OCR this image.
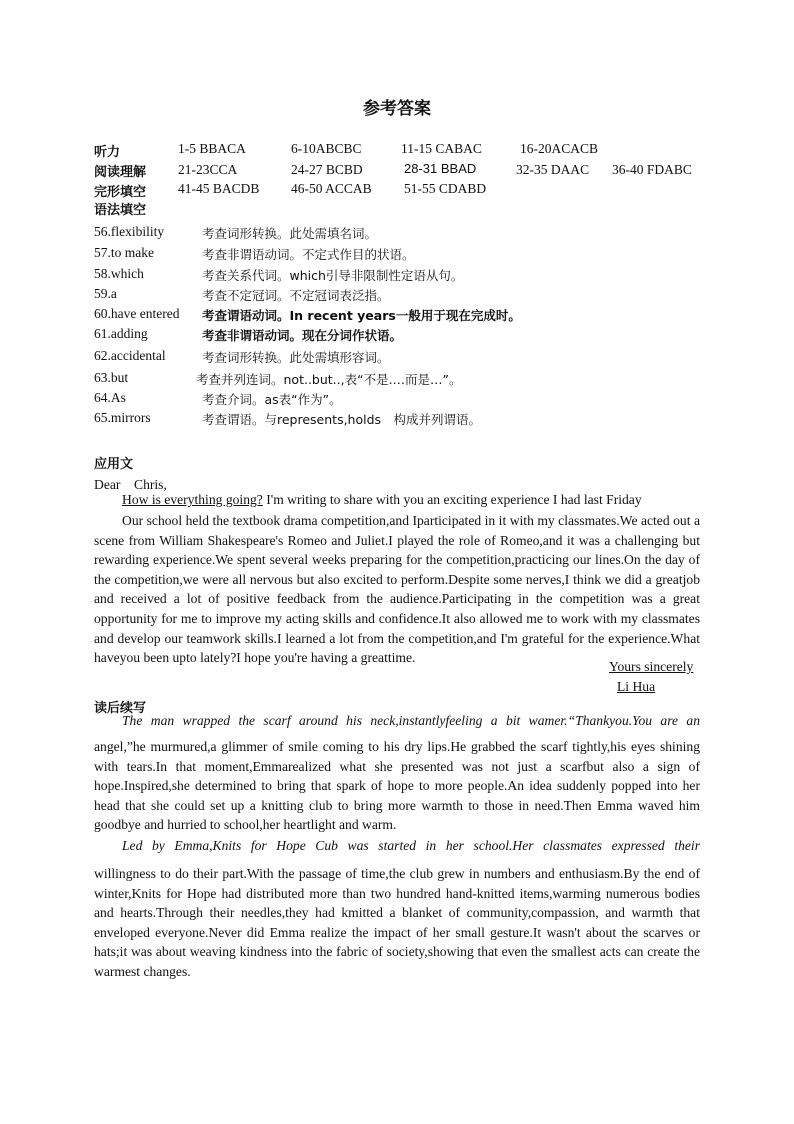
参考答案
听力	1-5 BBACA	6-10ABCBC	11-15 CABAC	16-20ACACB
阅读理解 21-23CCA	24-27 BCBD	28-31 BBAD	32-35 DAAC 36-40 FDABC
完形填空 41-45 BACDB 46-50 ACCAB 51-55 CDABD
语法填空
56.flexibility	考查词形转换。此处需填名词。
57.to make	考查非谓语动词。不定式作目的状语。
58.which	考查关系代词。which引导非限制性定语从句。
59.a	考查不定冠词。不定冠词表泛指。
60.have entered 考查谓语动词。In recent years一般用于现在完成时。
61.adding	考查非谓语动词。现在分词作状语。
62.accidental	考查词形转换。此处需填形容词。
63.but	考查并列连词。not..but..,表“不是.…而是…”。
64.As	考查介词。as表“作为”。
65.mirrors	考查谓语。与represents,holds　构成并列谓语。
应用文
Dear　Chris,
How is everything going? I'm writing to share with you an exciting experience I had last Friday

Our school held the textbook drama competition,and Iparticipated in it with my classmates.We acted out a scene from William Shakespeare's Romeo and Juliet.I played the role of Romeo,and it was a challenging but rewarding experience.We spent several weeks preparing for the competition,practicing our lines.On the day of the competition,we were all nervous but also excited to perform.Despite some nerves,I think we did a greatjob and received a lot of positive feedback from the audience.Participating in the competition was a great opportunity for me to improve my acting skills and confidence.It also allowed me to work with my classmates and develop our teamwork skills.I learned a lot from the competition,and I'm grateful for the experience.What haveyou been upto lately?I hope you're having a greattime.

Yours sincerely
Li Hua
读后续写
The man wrapped the scarf around his neck,instantlyfeeling a bit wamer.“Thankyou.You are an

angel,”he murmured,a glimmer of smile coming to his dry lips.He grabbed the scarf tightly,his eyes shining with tears.In that moment,Emmarealized what she presented was not just a scarfbut also a sign of hope.Inspired,she determined to bring that spark of hope to more people.An idea suddenly popped into her head that she could set up a knitting club to bring more warmth to those in need.Then Emma waved him goodbye and hurried to school,her heartlight and warm.

Led by Emma,Knits for Hope Cub was started in her school.Her classmates expressed their

willingness to do their part.With the passage of time,the club grew in numbers and enthusiasm.By the end of winter,Knits for Hope had distributed more than two hundred hand-knitted items,warming numerous bodies and hearts.Through their needles,they had kmitted a blanket of community,compassion, and warmth that enveloped everyone.Never did Emma realize the impact of her small gesture.It wasn't about the scarves or hats;it was about weaving kindness into the fabric of society,showing that even the smallest acts can create the warmest changes.
